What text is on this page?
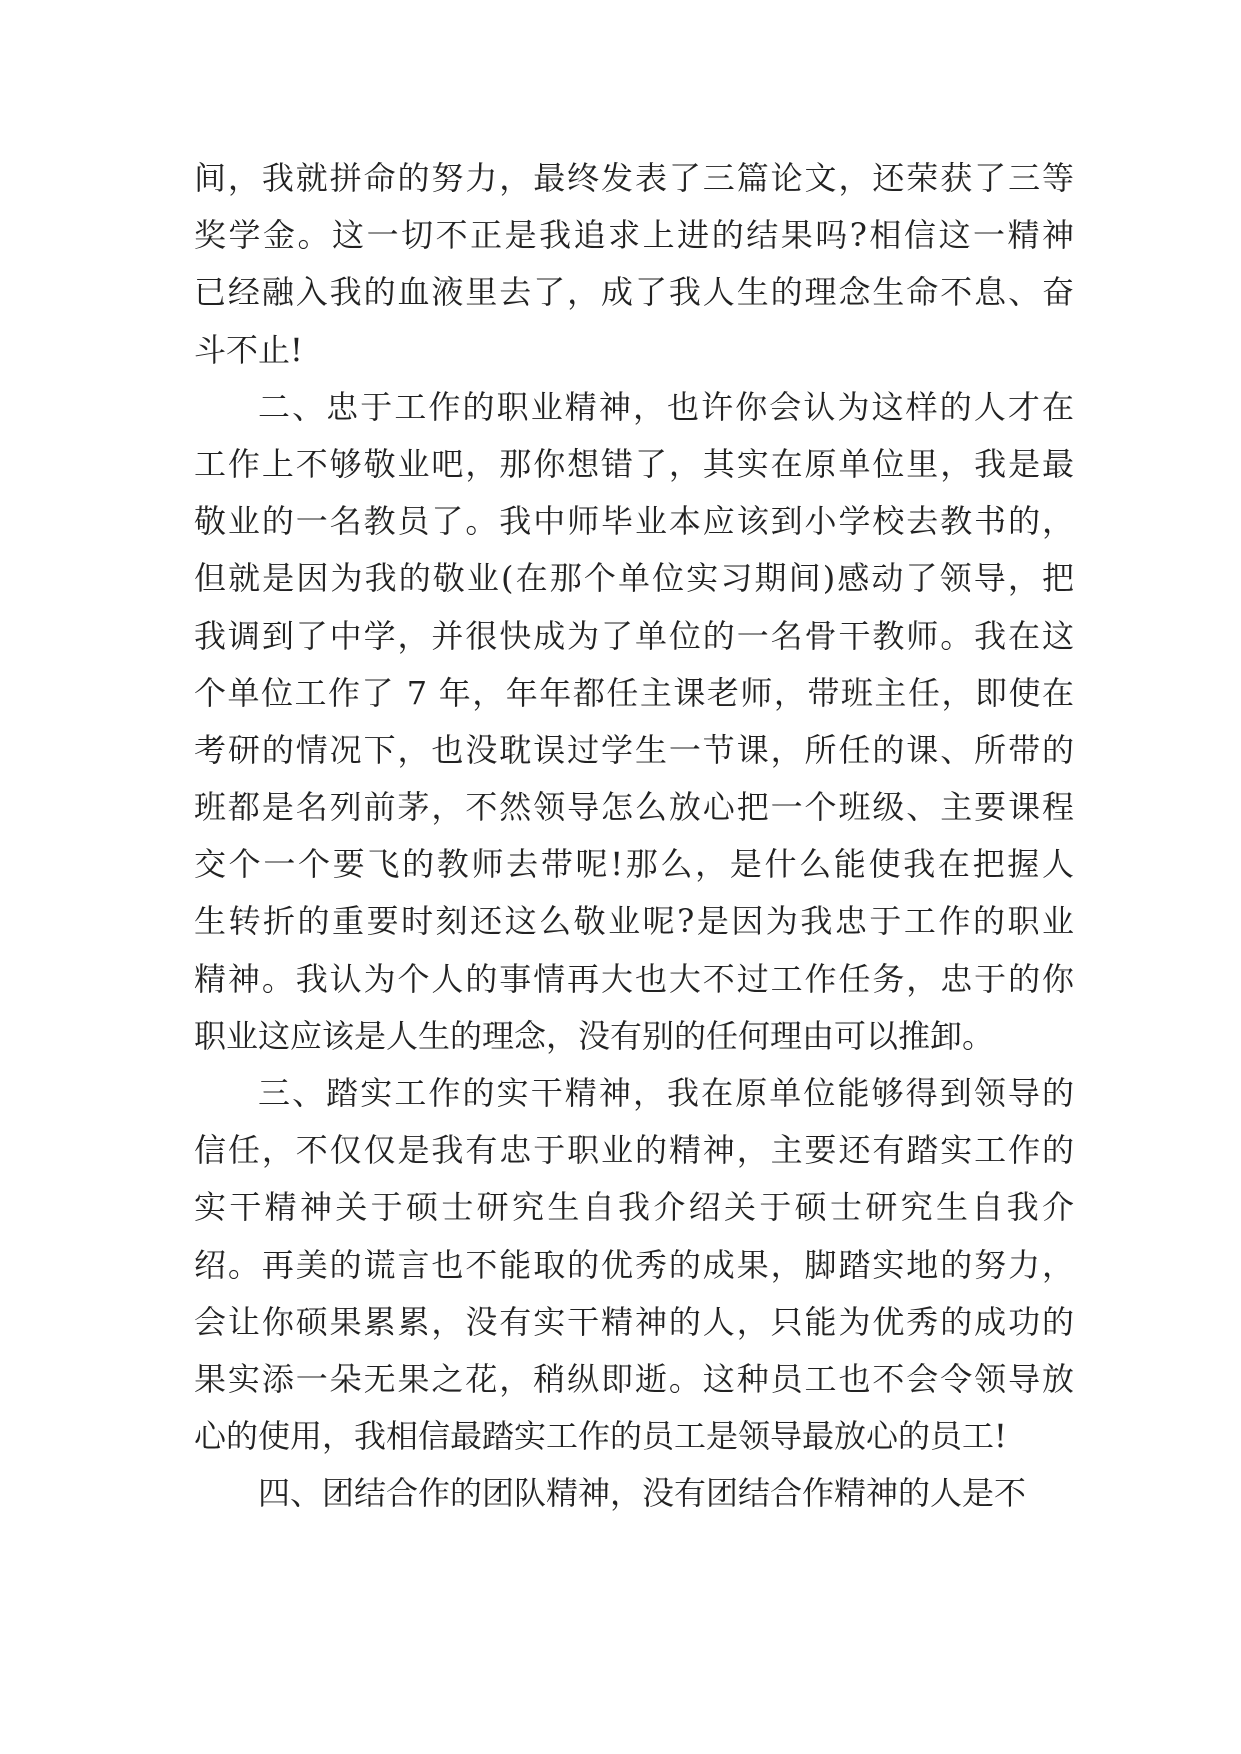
间，我就拼命的努力，最终发表了三篇论文，还荣获了三等
奖学金。这一切不正是我追求上进的结果吗?相信这一精神
已经融入我的血液里去了，成了我人生的理念生命不息、奋
斗不止!
二、忠于工作的职业精神，也许你会认为这样的人才在
工作上不够敬业吧，那你想错了，其实在原单位里，我是最
敬业的一名教员了。我中师毕业本应该到小学校去教书的，
但就是因为我的敬业(在那个单位实习期间)感动了领导，把
我调到了中学，并很快成为了单位的一名骨干教师。我在这
个单位工作了 7 年，年年都任主课老师，带班主任，即使在
考研的情况下，也没耽误过学生一节课，所任的课、所带的
班都是名列前茅，不然领导怎么放心把一个班级、主要课程
交个一个要飞的教师去带呢!那么，是什么能使我在把握人
生转折的重要时刻还这么敬业呢?是因为我忠于工作的职业
精神。我认为个人的事情再大也大不过工作任务，忠于的你
职业这应该是人生的理念，没有别的任何理由可以推卸。
三、踏实工作的实干精神，我在原单位能够得到领导的
信任，不仅仅是我有忠于职业的精神，主要还有踏实工作的
实干精神关于硕士研究生自我介绍关于硕士研究生自我介
绍。再美的谎言也不能取的优秀的成果，脚踏实地的努力，
会让你硕果累累，没有实干精神的人，只能为优秀的成功的
果实添一朵无果之花，稍纵即逝。这种员工也不会令领导放
心的使用，我相信最踏实工作的员工是领导最放心的员工!
四、团结合作的团队精神，没有团结合作精神的人是不
